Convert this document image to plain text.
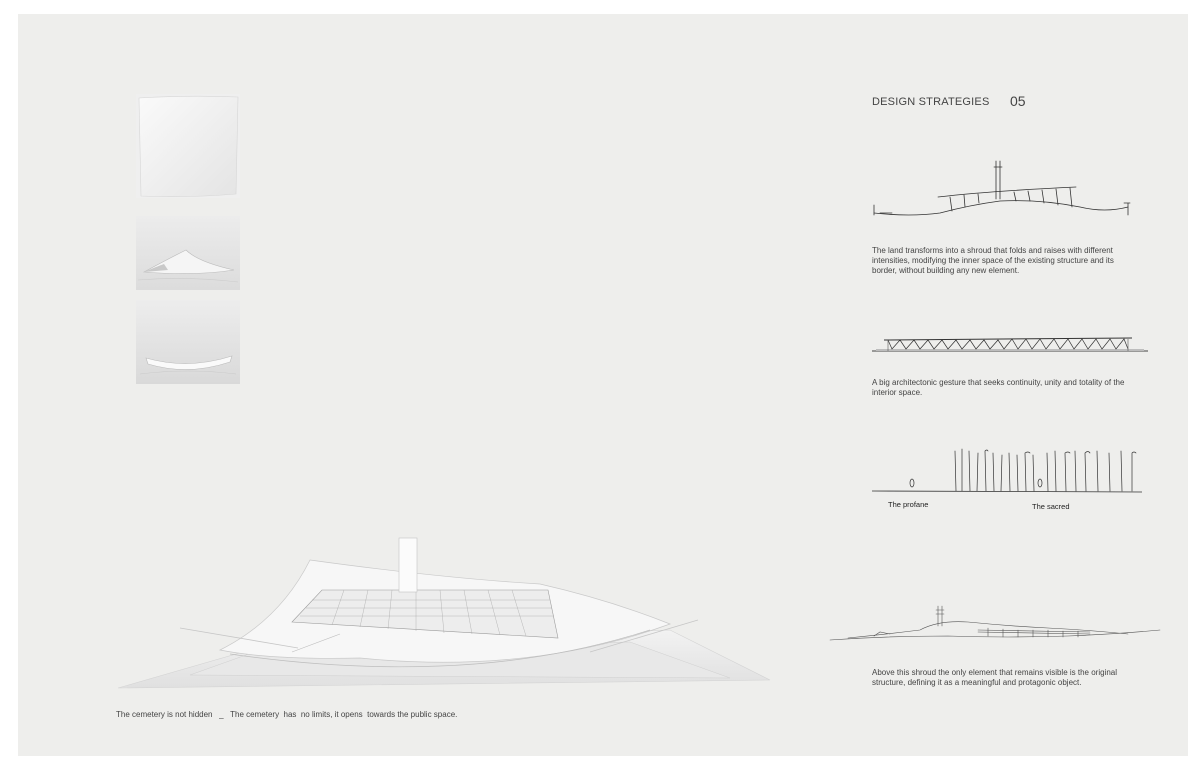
DESIGN STRATEGIES 05
The land transforms into a shroud that folds and raises with different intensities, modifying the inner space of the existing structure and its border, without building any new element.
A big architectonic gesture that seeks continuity, unity and totality of the interior space.
The profane	The sacred
Above this shroud the only element that remains visible is the original structure, defining it as a meaningful and protagonic object.
The cemetery is not hidden _ The cemetery  has  no limits, it opens  towards the public space.
